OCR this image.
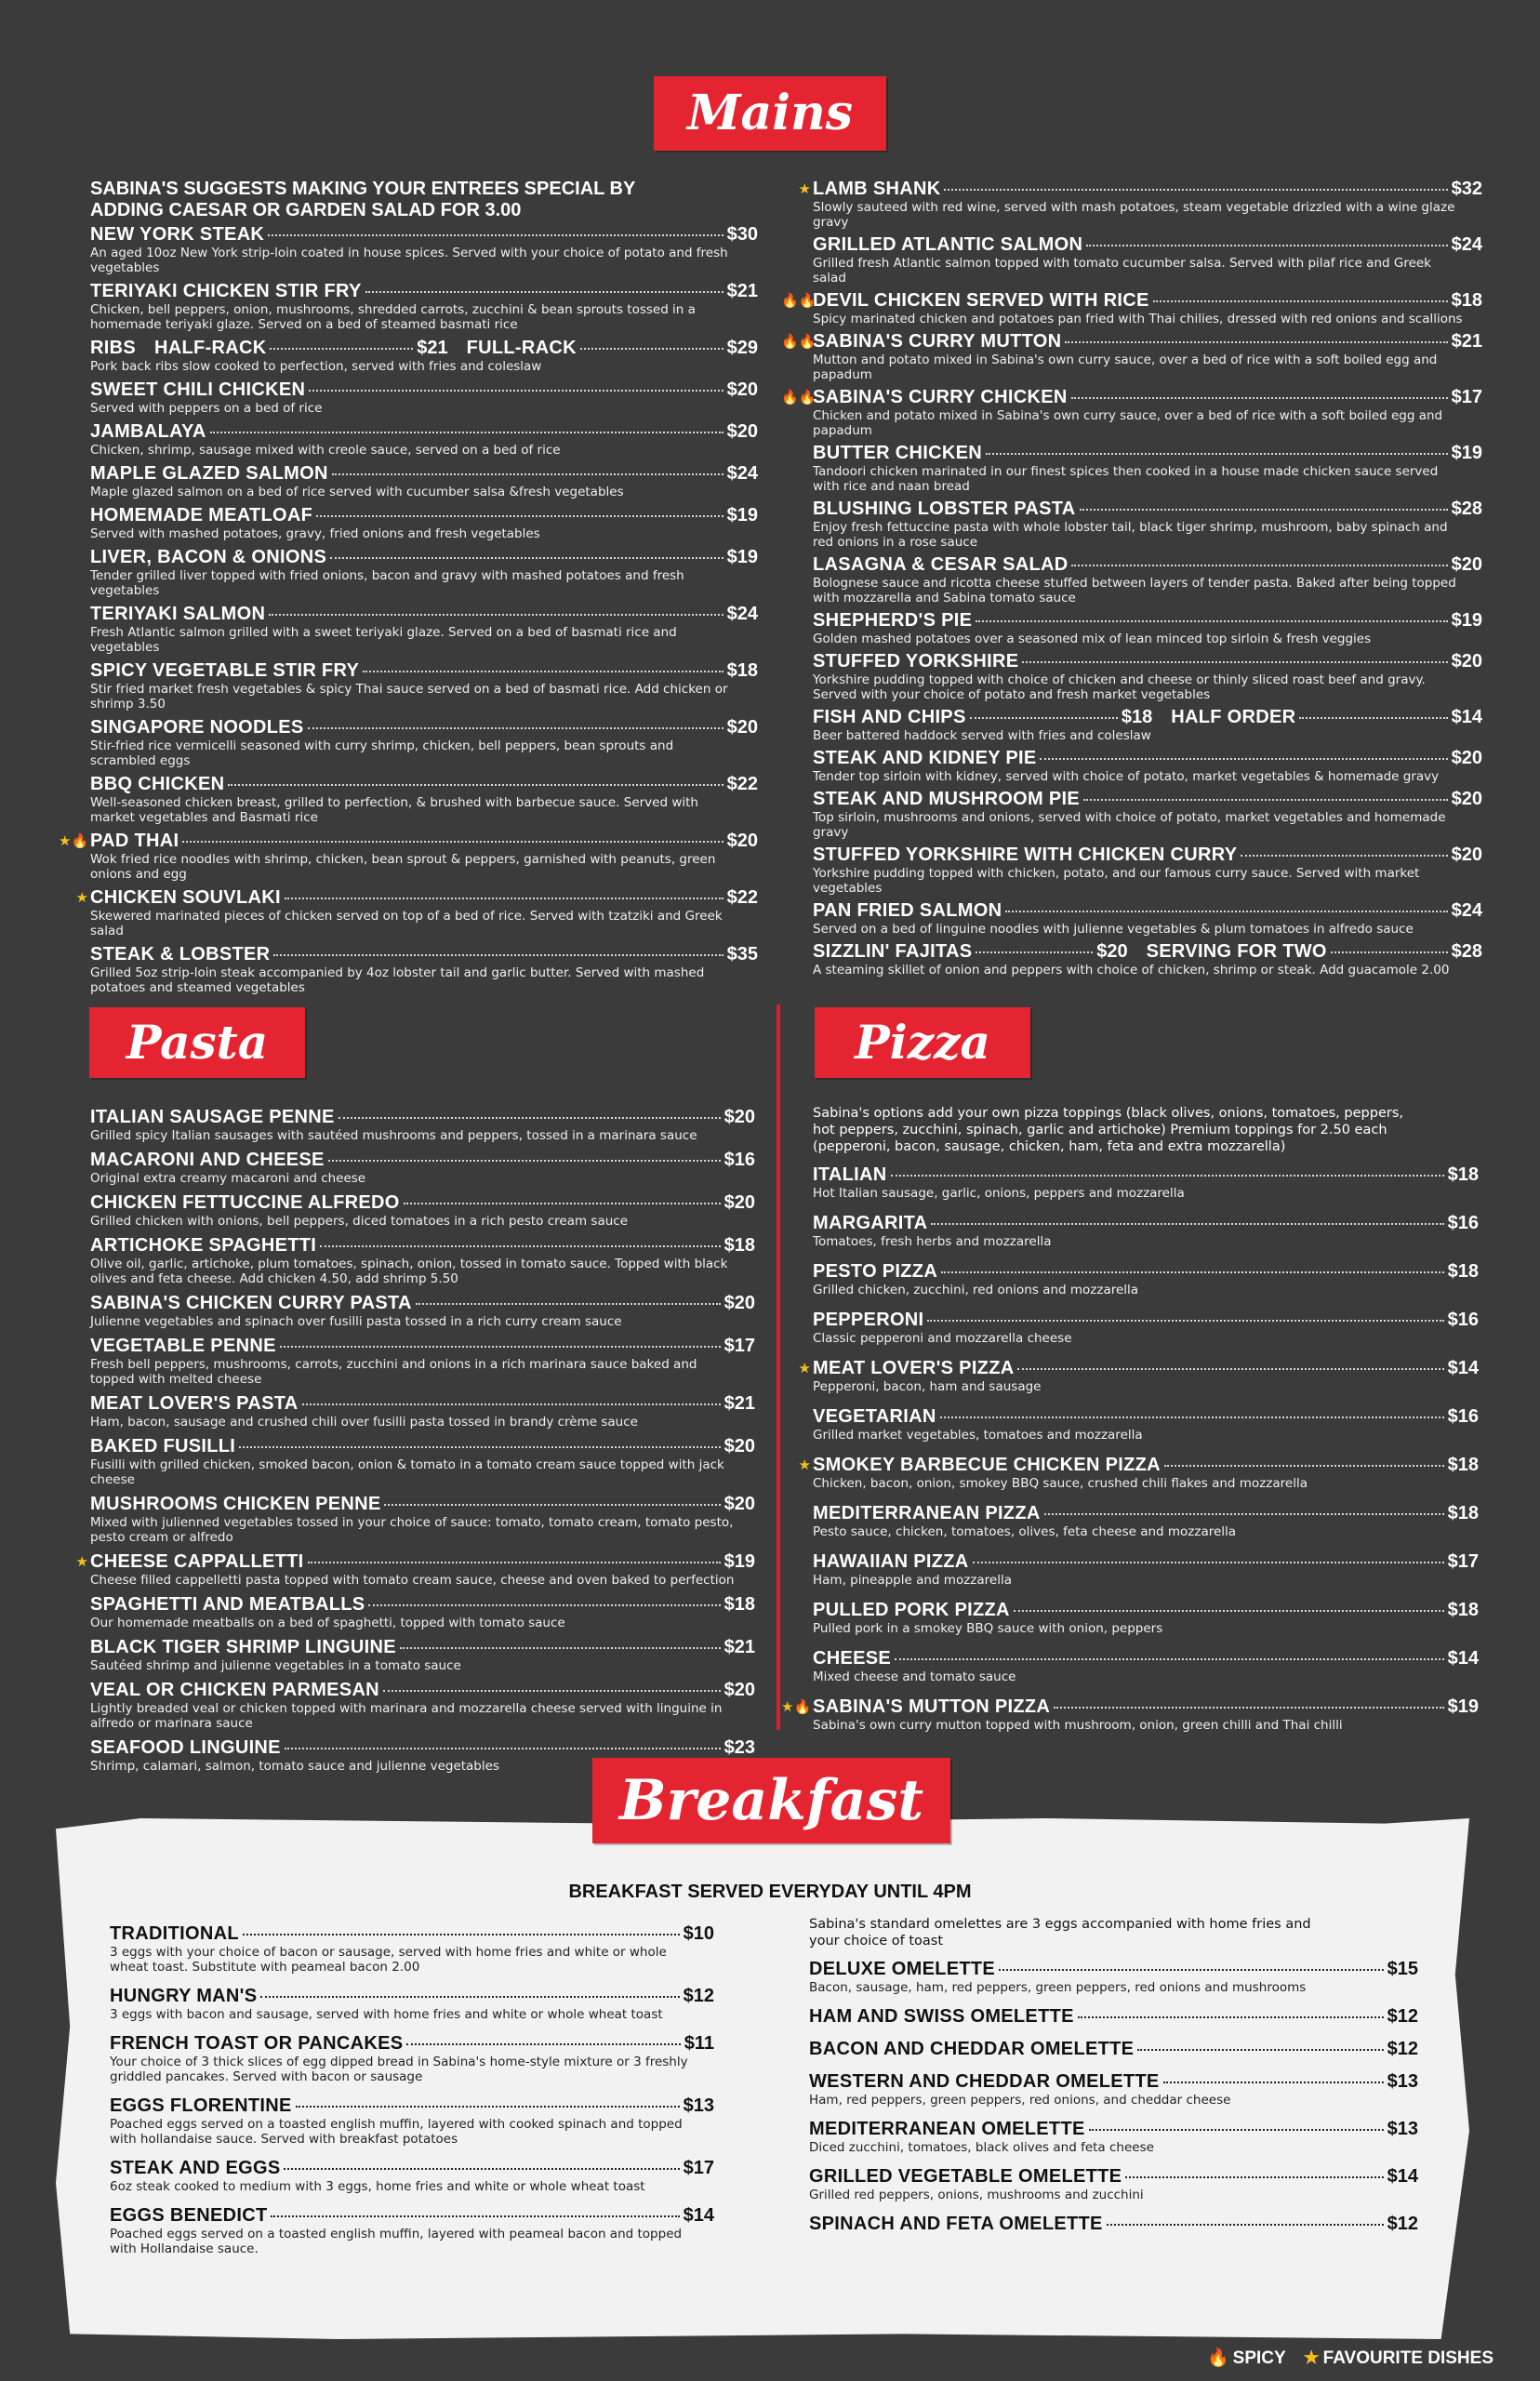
Mains
Pasta	Pizza
SABINA'S SUGGESTS MAKING YOUR ENTREES SPECIAL BY ADDING CAESAR OR GARDEN SALAD FOR 3.00
NEW YORK STEAK	$30
An aged 10oz New York strip-loin coated in house spices. Served with your choice of potato and fresh vegetables
TERIYAKI CHICKEN STIR FRY	$21
Chicken, bell peppers, onion, mushrooms, shredded carrots, zucchini & bean sprouts tossed in a homemade teriyaki glaze. Served on a bed of steamed basmati rice
RIBS HALF-RACK	$21 FULL-RACK	$29
Pork back ribs slow cooked to perfection, served with fries and coleslaw
SWEET CHILI CHICKEN	$20
Served with peppers on a bed of rice
JAMBALAYA	$20
Chicken, shrimp, sausage mixed with creole sauce, served on a bed of rice
MAPLE GLAZED SALMON	$24
Maple glazed salmon on a bed of rice served with cucumber salsa &fresh vegetables
HOMEMADE MEATLOAF	$19
Served with mashed potatoes, gravy, fried onions and fresh vegetables
LIVER, BACON & ONIONS	$19
Tender grilled liver topped with fried onions, bacon and gravy with mashed potatoes and fresh vegetables
TERIYAKI SALMON	$24
Fresh Atlantic salmon grilled with a sweet teriyaki glaze. Served on a bed of basmati rice and vegetables
SPICY VEGETABLE STIR FRY	$18
Stir fried market fresh vegetables & spicy Thai sauce served on a bed of basmati rice. Add chicken or shrimp 3.50
SINGAPORE NOODLES	$20
Stir-fried rice vermicelli seasoned with curry shrimp, chicken, bell peppers, bean sprouts and scrambled eggs
BBQ CHICKEN	$22
Well-seasoned chicken breast, grilled to perfection, & brushed with barbecue sauce. Served with market vegetables and Basmati rice
★🔥 PAD THAI	$20
Wok fried rice noodles with shrimp, chicken, bean sprout & peppers, garnished with peanuts, green onions and egg
★ CHICKEN SOUVLAKI	$22
Skewered marinated pieces of chicken served on top of a bed of rice. Served with tzatziki and Greek salad
STEAK & LOBSTER	$35
Grilled 5oz strip-loin steak accompanied by 4oz lobster tail and garlic butter. Served with mashed potatoes and steamed vegetables
★ LAMB SHANK	$32
Slowly sauteed with red wine, served with mash potatoes, steam vegetable drizzled with a wine glaze gravy
GRILLED ATLANTIC SALMON	$24
Grilled fresh Atlantic salmon topped with tomato cucumber salsa. Served with pilaf rice and Greek salad
🔥🔥
DEVIL CHICKEN SERVED WITH RICE	$18
Spicy marinated chicken and potatoes pan fried with Thai chilies, dressed with red onions and scallions
🔥🔥
SABINA'S CURRY MUTTON	$21
Mutton and potato mixed in Sabina's own curry sauce, over a bed of rice with a soft boiled egg and papadum
🔥🔥
SABINA'S CURRY CHICKEN	$17
Chicken and potato mixed in Sabina's own curry sauce, over a bed of rice with a soft boiled egg and papadum
BUTTER CHICKEN	$19
Tandoori chicken marinated in our finest spices then cooked in a house made chicken sauce served with rice and naan bread
BLUSHING LOBSTER PASTA	$28
Enjoy fresh fettuccine pasta with whole lobster tail, black tiger shrimp, mushroom, baby spinach and red onions in a rose sauce
LASAGNA & CESAR SALAD	$20
Bolognese sauce and ricotta cheese stuffed between layers of tender pasta. Baked after being topped with mozzarella and Sabina tomato sauce
SHEPHERD'S PIE	$19
Golden mashed potatoes over a seasoned mix of lean minced top sirloin & fresh veggies
STUFFED YORKSHIRE	$20
Yorkshire pudding topped with choice of chicken and cheese or thinly sliced roast beef and gravy. Served with your choice of potato and fresh market vegetables
FISH AND CHIPS	$18 HALF ORDER	$14
Beer battered haddock served with fries and coleslaw
STEAK AND KIDNEY PIE	$20
Tender top sirloin with kidney, served with choice of potato, market vegetables & homemade gravy
STEAK AND MUSHROOM PIE	$20
Top sirloin, mushrooms and onions, served with choice of potato, market vegetables and homemade gravy
STUFFED YORKSHIRE WITH CHICKEN CURRY	$20
Yorkshire pudding topped with chicken, potato, and our famous curry sauce. Served with market vegetables
PAN FRIED SALMON	$24
Served on a bed of linguine noodles with julienne vegetables & plum tomatoes in alfredo sauce
SIZZLIN' FAJITAS	$20 SERVING FOR TWO	$28
A steaming skillet of onion and peppers with choice of chicken, shrimp or steak. Add guacamole 2.00
ITALIAN SAUSAGE PENNE	$20
Grilled spicy Italian sausages with sautéed mushrooms and peppers, tossed in a marinara sauce
MACARONI AND CHEESE	$16
Original extra creamy macaroni and cheese
CHICKEN FETTUCCINE ALFREDO	$20
Grilled chicken with onions, bell peppers, diced tomatoes in a rich pesto cream sauce
ARTICHOKE SPAGHETTI	$18
Olive oil, garlic, artichoke, plum tomatoes, spinach, onion, tossed in tomato sauce. Topped with black olives and feta cheese. Add chicken 4.50, add shrimp 5.50
SABINA'S CHICKEN CURRY PASTA	$20
Julienne vegetables and spinach over fusilli pasta tossed in a rich curry cream sauce
VEGETABLE PENNE	$17
Fresh bell peppers, mushrooms, carrots, zucchini and onions in a rich marinara sauce baked and topped with melted cheese
MEAT LOVER'S PASTA	$21
Ham, bacon, sausage and crushed chili over fusilli pasta tossed in brandy crème sauce
BAKED FUSILLI	$20
Fusilli with grilled chicken, smoked bacon, onion & tomato in a tomato cream sauce topped with jack cheese
MUSHROOMS CHICKEN PENNE	$20
Mixed with julienned vegetables tossed in your choice of sauce: tomato, tomato cream, tomato pesto, pesto cream or alfredo
★ CHEESE CAPPALLETTI	$19
Cheese filled cappelletti pasta topped with tomato cream sauce, cheese and oven baked to perfection
SPAGHETTI AND MEATBALLS	$18
Our homemade meatballs on a bed of spaghetti, topped with tomato sauce
BLACK TIGER SHRIMP LINGUINE	$21
Sautéed shrimp and julienne vegetables in a tomato sauce
VEAL OR CHICKEN PARMESAN	$20
Lightly breaded veal or chicken topped with marinara and mozzarella cheese served with linguine in alfredo or marinara sauce
SEAFOOD LINGUINE	$23
Shrimp, calamari, salmon, tomato sauce and julienne vegetables
Sabina's options add your own pizza toppings (black olives, onions, tomatoes, peppers, hot peppers, zucchini, spinach, garlic and artichoke) Premium toppings for 2.50 each (pepperoni, bacon, sausage, chicken, ham, feta and extra mozzarella)
ITALIAN	$18
Hot Italian sausage, garlic, onions, peppers and mozzarella
MARGARITA	$16
Tomatoes, fresh herbs and mozzarella
PESTO PIZZA	$18
Grilled chicken, zucchini, red onions and mozzarella
PEPPERONI	$16
Classic pepperoni and mozzarella cheese
★ MEAT LOVER'S PIZZA	$14
Pepperoni, bacon, ham and sausage
VEGETARIAN	$16
Grilled market vegetables, tomatoes and mozzarella
★ SMOKEY BARBECUE CHICKEN PIZZA	$18
Chicken, bacon, onion, smokey BBQ sauce, crushed chili flakes and mozzarella
MEDITERRANEAN PIZZA	$18
Pesto sauce, chicken, tomatoes, olives, feta cheese and mozzarella
HAWAIIAN PIZZA	$17
Ham, pineapple and mozzarella
PULLED PORK PIZZA	$18
Pulled pork in a smokey BBQ sauce with onion, peppers
CHEESE	$14
Mixed cheese and tomato sauce
★🔥 SABINA'S MUTTON PIZZA	$19
Sabina's own curry mutton topped with mushroom, onion, green chilli and Thai chilli
Breakfast
BREAKFAST SERVED EVERYDAY UNTIL 4PM
TRADITIONAL	$10
3 eggs with your choice of bacon or sausage, served with home fries and white or whole wheat toast. Substitute with peameal bacon 2.00
HUNGRY MAN'S	$12
3 eggs with bacon and sausage, served with home fries and white or whole wheat toast
FRENCH TOAST OR PANCAKES	$11
Your choice of 3 thick slices of egg dipped bread in Sabina's home-style mixture or 3 freshly griddled pancakes. Served with bacon or sausage
EGGS FLORENTINE	$13
Poached eggs served on a toasted english muffin, layered with cooked spinach and topped with hollandaise sauce. Served with breakfast potatoes
STEAK AND EGGS	$17
6oz steak cooked to medium with 3 eggs, home fries and white or whole wheat toast
EGGS BENEDICT	$14
Poached eggs served on a toasted english muffin, layered with peameal bacon and topped with Hollandaise sauce.
Sabina's standard omelettes are 3 eggs accompanied with home fries and your choice of toast
DELUXE OMELETTE	$15
Bacon, sausage, ham, red peppers, green peppers, red onions and mushrooms
HAM AND SWISS OMELETTE	$12
BACON AND CHEDDAR OMELETTE	$12
WESTERN AND CHEDDAR OMELETTE	$13
Ham, red peppers, green peppers, red onions, and cheddar cheese
MEDITERRANEAN OMELETTE	$13
Diced zucchini, tomatoes, black olives and feta cheese
GRILLED VEGETABLE OMELETTE	$14
Grilled red peppers, onions, mushrooms and zucchini
SPINACH AND FETA OMELETTE	$12
🔥 SPICY ★ FAVOURITE DISHES
